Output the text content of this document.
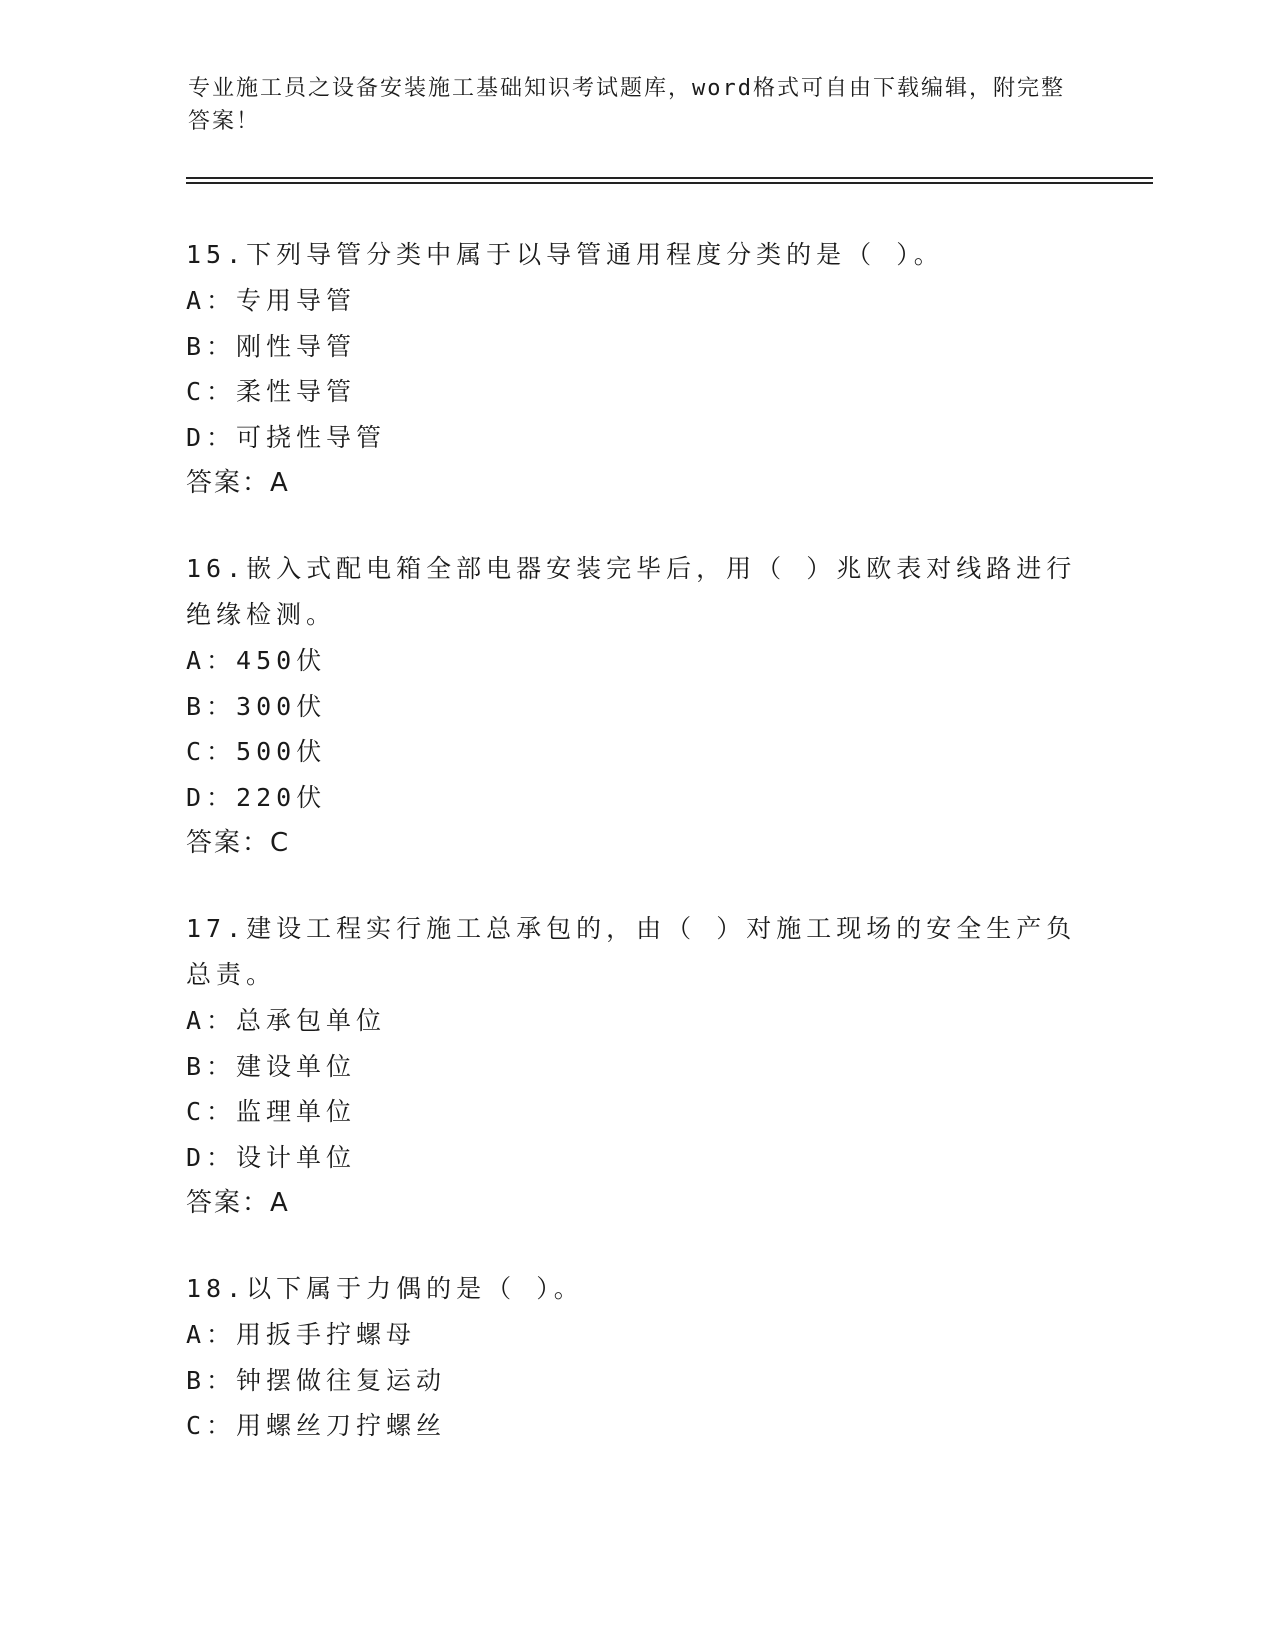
专业施工员之设备安装施工基础知识考试题库，word格式可自由下载编辑，附完整答案！

15.下列导管分类中属于以导管通用程度分类的是（ ）。

A：专用导管

B：刚性导管

C：柔性导管

D：可挠性导管

答案：A

16.嵌入式配电箱全部电器安装完毕后，用（ ）兆欧表对线路进行绝缘检测。

A：450伏

B：300伏

C：500伏

D：220伏

答案：C

17.建设工程实行施工总承包的，由（ ）对施工现场的安全生产负总责。

A：总承包单位

B：建设单位

C：监理单位

D：设计单位

答案：A

18.以下属于力偶的是（ ）。

A：用扳手拧螺母

B：钟摆做往复运动

C：用螺丝刀拧螺丝
